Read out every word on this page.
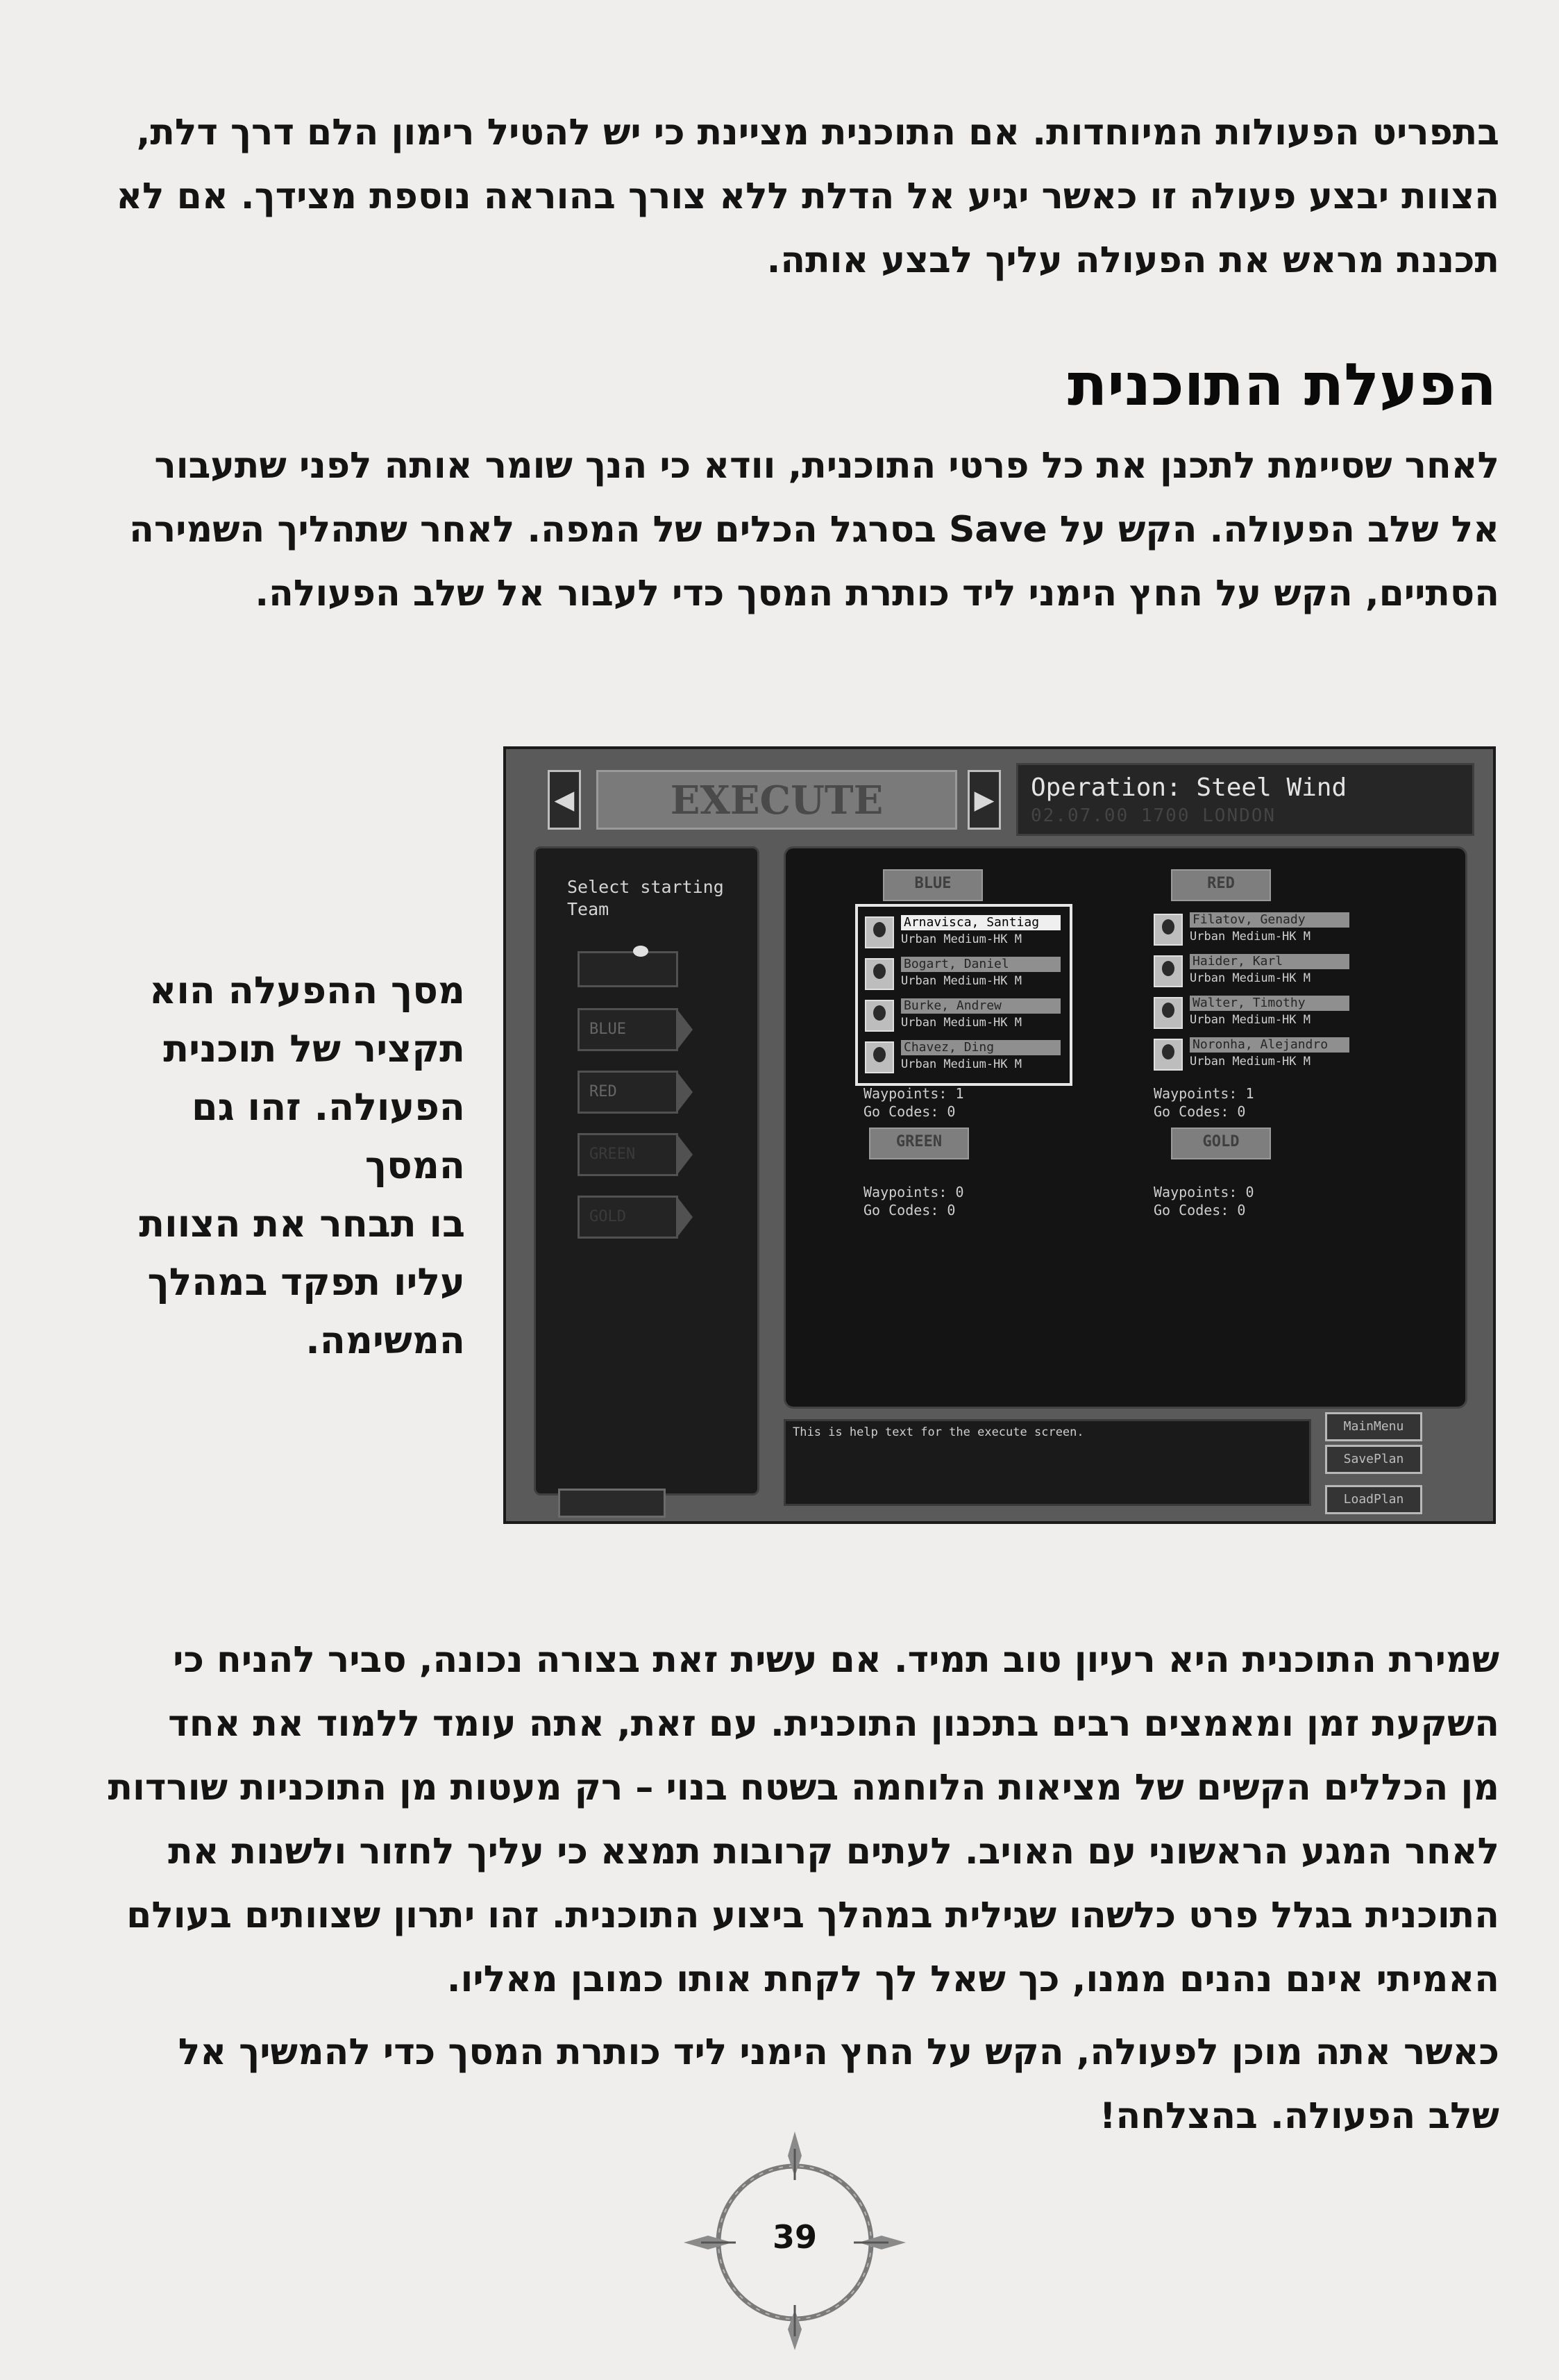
בתפריט הפעולות המיוחדות. אם התוכנית מציינת כי יש להטיל רימון הלם דרך דלת,
הצוות יבצע פעולה זו כאשר יגיע אל הדלת ללא צורך בהוראה נוספת מצידך. אם לא
תכננת מראש את הפעולה עליך לבצע אותה.
הפעלת התוכנית
לאחר שסיימת לתכנן את כל פרטי התוכנית, וודא כי הנך שומר אותה לפני שתעבור
אל שלב הפעולה. הקש על Save בסרגל הכלים של המפה. לאחר שתהליך השמירה
הסתיים, הקש על החץ הימני ליד כותרת המסך כדי לעבור אל שלב הפעולה.
מסך ההפעלה הוא
תקציר של תוכנית
הפעולה. זהו גם המסך
בו תבחר את הצוות
עליו תפקד במהלך
המשימה.
◀	EXECUTE	▶ Operation: Steel Wind
02.07.00 1700 LONDON
Select starting
Team
BLUE
RED
GREEN
GOLD
BLUE
Arnavisca, Santiag
Urban Medium-HK M
Bogart, Daniel
Urban Medium-HK M
Burke, Andrew
Urban Medium-HK M
Chavez, Ding
Urban Medium-HK M
Waypoints: 1
Go Codes: 0
RED
Filatov, Genady
Urban Medium-HK M
Haider, Karl
Urban Medium-HK M
Walter, Timothy
Urban Medium-HK M
Noronha, Alejandro
Urban Medium-HK M
Waypoints: 1
Go Codes: 0
GREEN
Waypoints: 0
Go Codes: 0
GOLD
Waypoints: 0
Go Codes: 0
This is help text for the execute screen.	MainMenu
SavePlan
LoadPlan
שמירת התוכנית היא רעיון טוב תמיד. אם עשית זאת בצורה נכונה, סביר להניח כי
השקעת זמן ומאמצים רבים בתכנון התוכנית. עם זאת, אתה עומד ללמוד את אחד
מן הכללים הקשים של מציאות הלוחמה בשטח בנוי – רק מעטות מן התוכניות שורדות
לאחר המגע הראשוני עם האויב. לעתים קרובות תמצא כי עליך לחזור ולשנות את
התוכנית בגלל פרט כלשהו שגילית במהלך ביצוע התוכנית. זהו יתרון שצוותים בעולם
האמיתי אינם נהנים ממנו, כך שאל לך לקחת אותו כמובן מאליו.
כאשר אתה מוכן לפעולה, הקש על החץ הימני ליד כותרת המסך כדי להמשיך אל
שלב הפעולה. בהצלחה!
39
